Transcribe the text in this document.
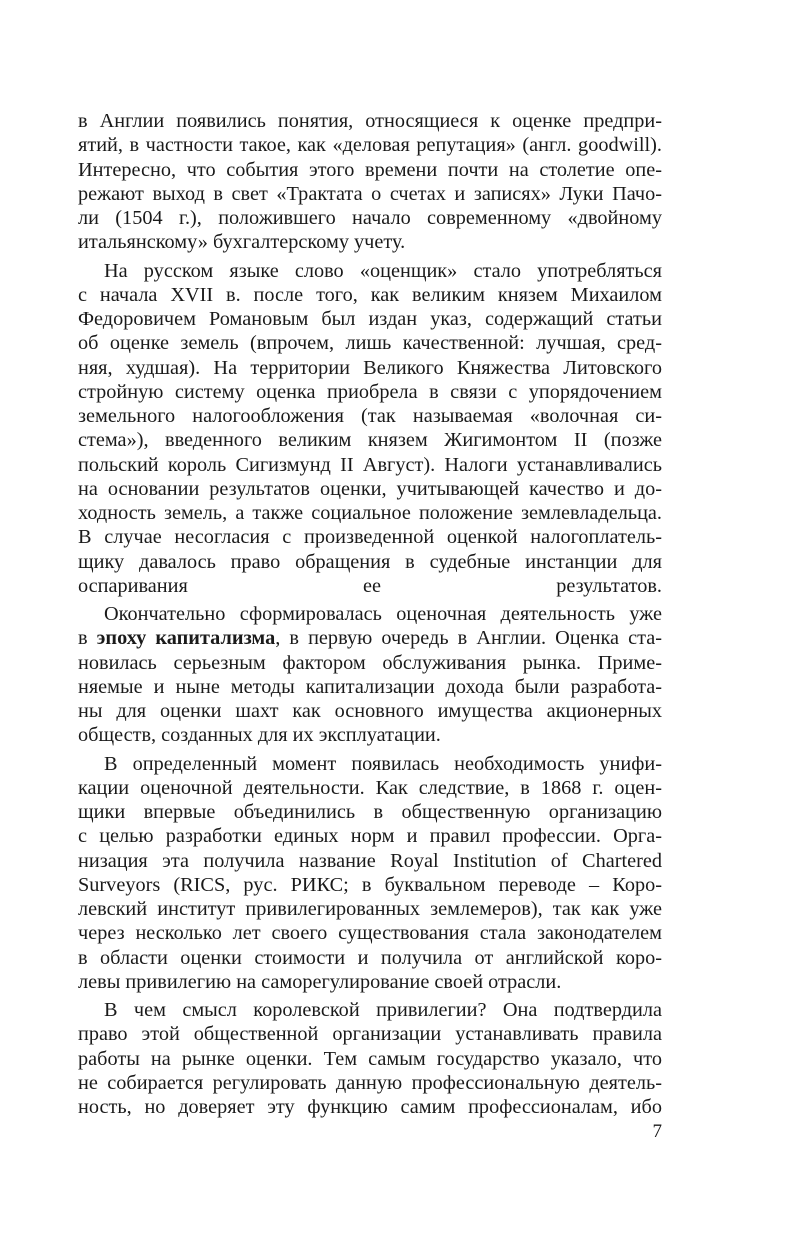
в Англии появились понятия, относящиеся к оценке предпри-
ятий, в частности такое, как «деловая репутация» (англ. goodwill).
Интересно, что события этого времени почти на столетие опе-
режают выход в свет «Трактата о счетах и записях» Луки Пачо-
ли (1504 г.), положившего начало современному «двойному
итальянскому» бухгалтерскому учету.
На русском языке слово «оценщик» стало употребляться
с начала XVII в. после того, как великим князем Михаилом
Федоровичем Романовым был издан указ, содержащий статьи
об оценке земель (впрочем, лишь качественной: лучшая, сред-
няя, худшая). На территории Великого Княжества Литовского
стройную систему оценка приобрела в связи с упорядочением
земельного налогообложения (так называемая «волочная си-
стема»), введенного великим князем Жигимонтом II (позже
польский король Сигизмунд II Август). Налоги устанавливались
на основании результатов оценки, учитывающей качество и до-
ходность земель, а также социальное положение землевладельца.
В случае несогласия с произведенной оценкой налогоплатель-
щику давалось право обращения в судебные инстанции для
оспаривания ее результатов.
Окончательно сформировалась оценочная деятельность уже
в эпоху капитализма, в первую очередь в Англии. Оценка ста-
новилась серьезным фактором обслуживания рынка. Приме-
няемые и ныне методы капитализации дохода были разработа-
ны для оценки шахт как основного имущества акционерных
обществ, созданных для их эксплуатации.
В определенный момент появилась необходимость унифи-
кации оценочной деятельности. Как следствие, в 1868 г. оцен-
щики впервые объединились в общественную организацию
с целью разработки единых норм и правил профессии. Орга-
низация эта получила название Royal Institution of Chartered
Surveyors (RICS, рус. РИКС; в буквальном переводе – Коро-
левский институт привилегированных землемеров), так как уже
через несколько лет своего существования стала законодателем
в области оценки стоимости и получила от английской коро-
левы привилегию на саморегулирование своей отрасли.
В чем смысл королевской привилегии? Она подтвердила
право этой общественной организации устанавливать правила
работы на рынке оценки. Тем самым государство указало, что
не собирается регулировать данную профессиональную деятель-
ность, но доверяет эту функцию самим профессионалам, ибо
7
